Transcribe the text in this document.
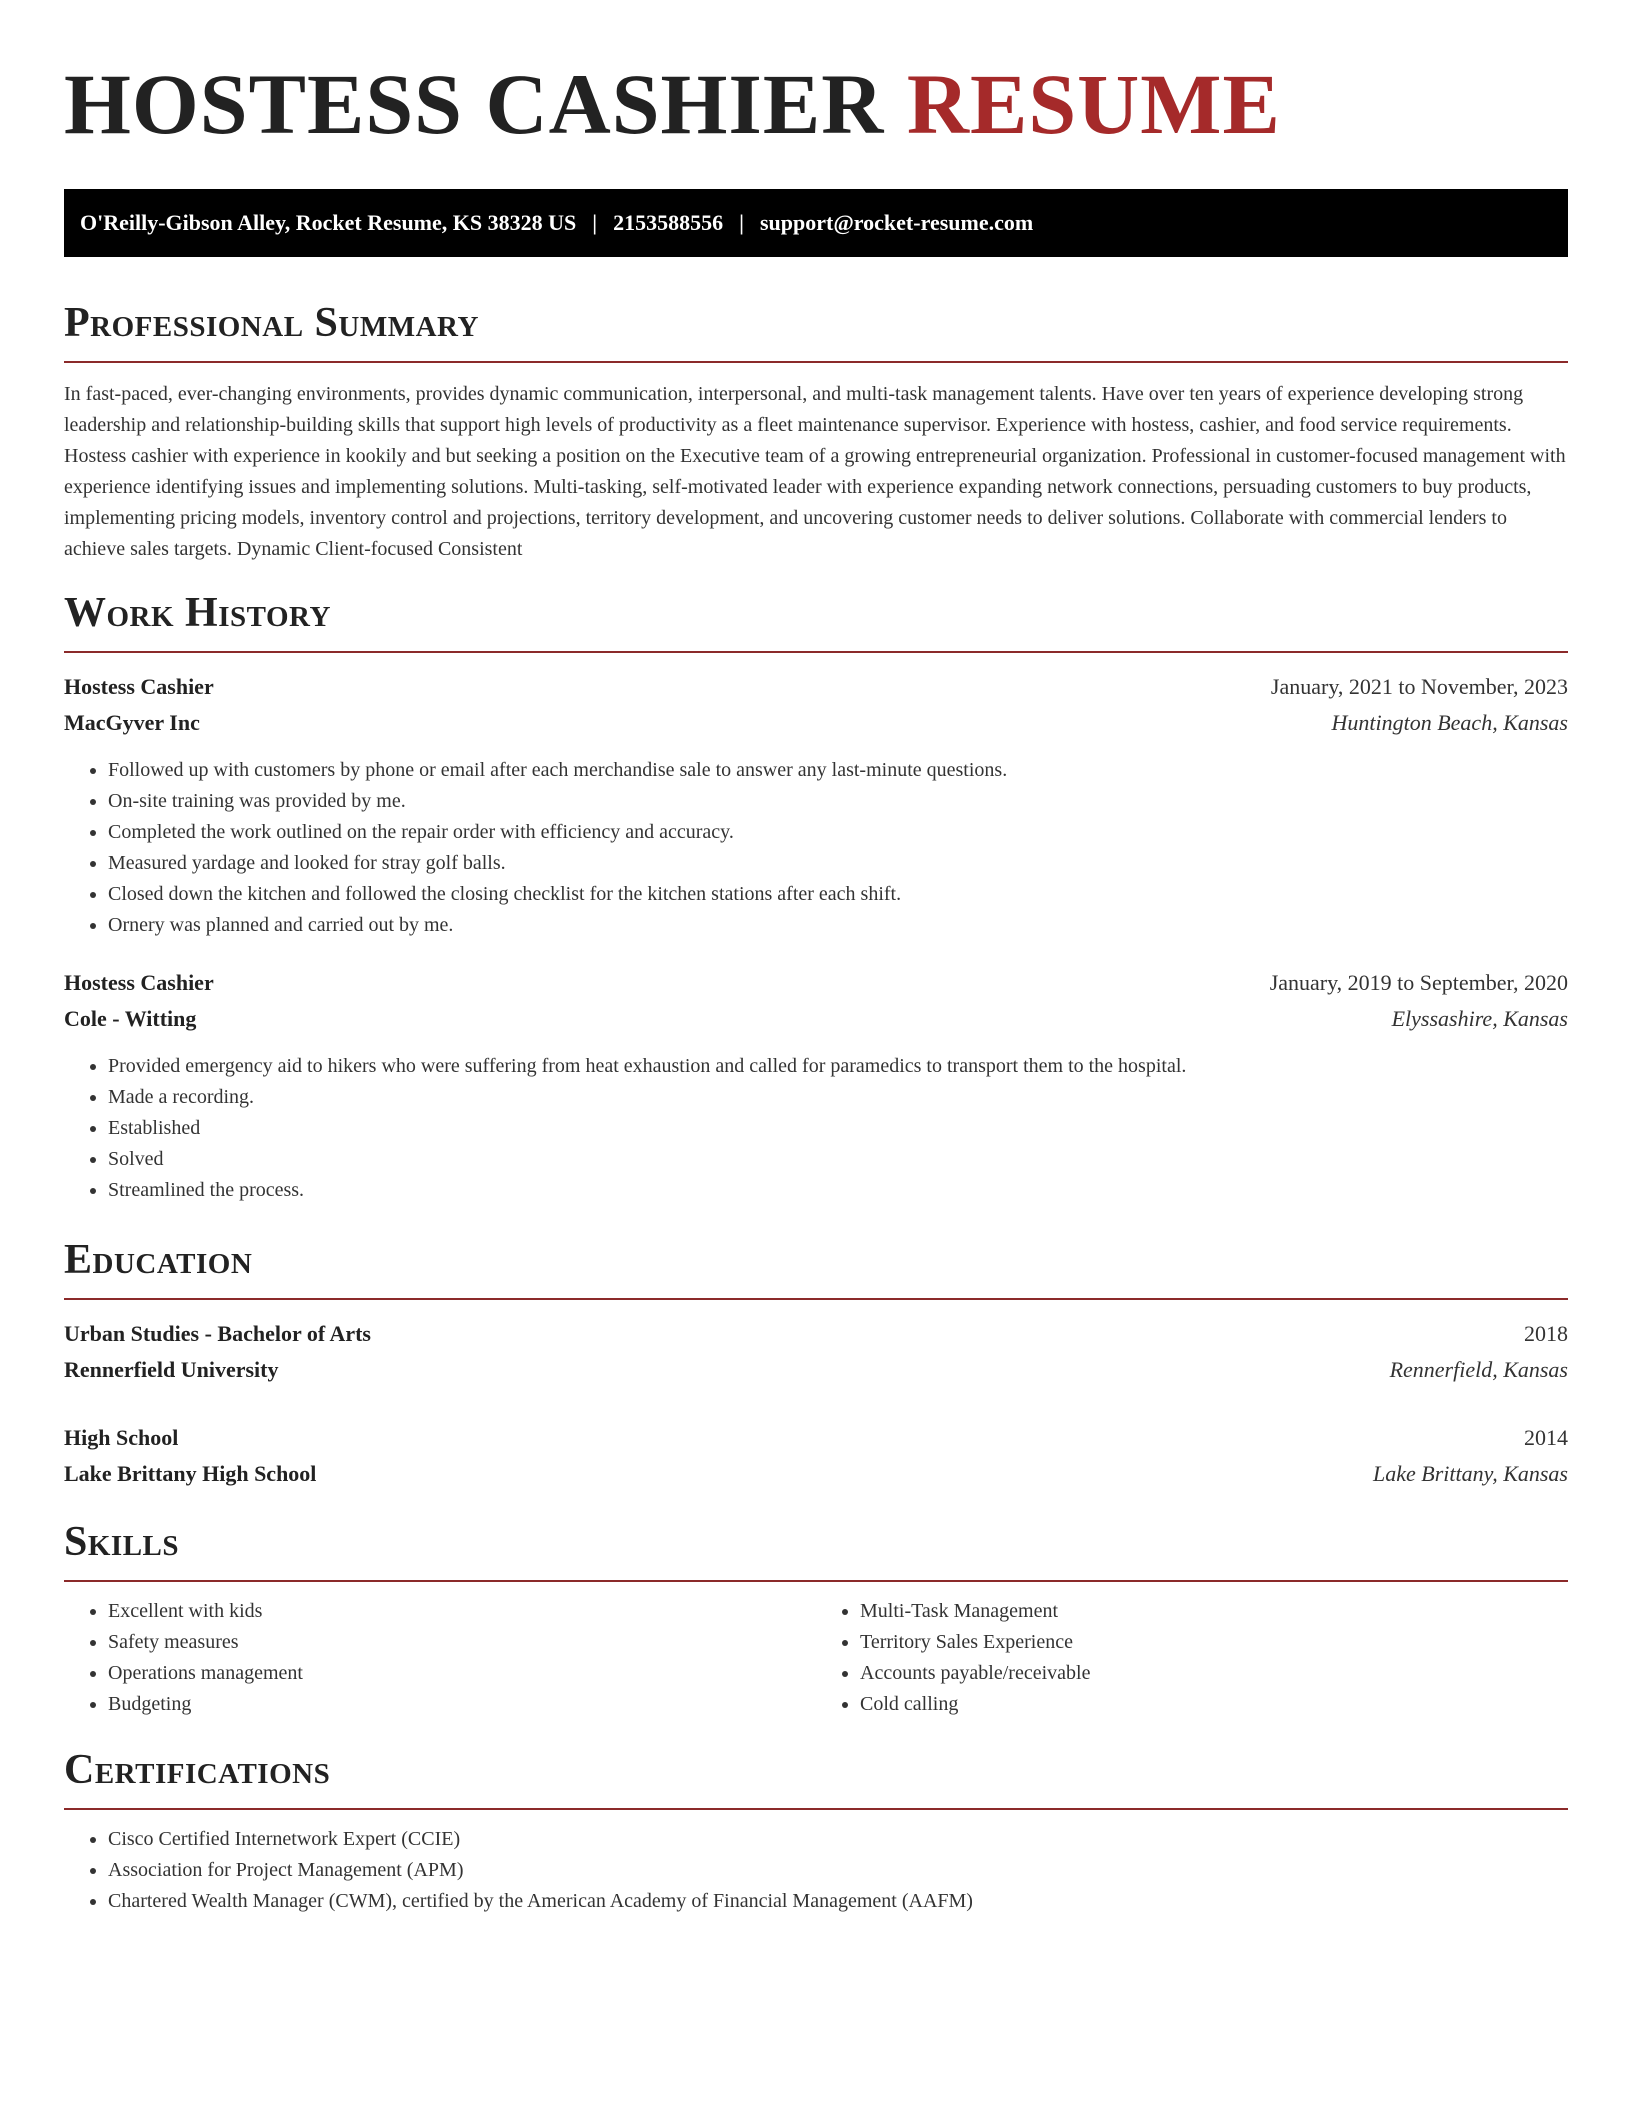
HOSTESS CASHIER RESUME
O'Reilly-Gibson Alley, Rocket Resume, KS 38328 US | 2153588556 | support@rocket-resume.com
Professional Summary

In fast-paced, ever-changing environments, provides dynamic communication, interpersonal, and multi-task management talents. Have over ten years of experience developing strong leadership and relationship-building skills that support high levels of productivity as a fleet maintenance supervisor. Experience with hostess, cashier, and food service requirements. Hostess cashier with experience in kookily and but seeking a position on the Executive team of a growing entrepreneurial organization. Professional in customer-focused management with experience identifying issues and implementing solutions. Multi-tasking, self-motivated leader with experience expanding network connections, persuading customers to buy products, implementing pricing models, inventory control and projections, territory development, and uncovering customer needs to deliver solutions. Collaborate with commercial lenders to achieve sales targets. Dynamic Client-focused Consistent

Work History
Hostess Cashier	January, 2021 to November, 2023
MacGyver Inc	Huntington Beach, Kansas
• Followed up with customers by phone or email after each merchandise sale to answer any last-minute questions.
• On-site training was provided by me.
• Completed the work outlined on the repair order with efficiency and accuracy.
• Measured yardage and looked for stray golf balls.
• Closed down the kitchen and followed the closing checklist for the kitchen stations after each shift.
• Ornery was planned and carried out by me.
Hostess Cashier	January, 2019 to September, 2020
Cole - Witting	Elyssashire, Kansas
• Provided emergency aid to hikers who were suffering from heat exhaustion and called for paramedics to transport them to the hospital.
• Made a recording.
• Established
• Solved
• Streamlined the process.
Education
Urban Studies - Bachelor of Arts	2018
Rennerfield University	Rennerfield, Kansas
High School	2014
Lake Brittany High School	Lake Brittany, Kansas
Skills
• Excellent with kids
• Safety measures
• Operations management
• Budgeting
• Multi-Task Management
• Territory Sales Experience
• Accounts payable/receivable
• Cold calling
Certifications
• Cisco Certified Internetwork Expert (CCIE)
• Association for Project Management (APM)
• Chartered Wealth Manager (CWM), certified by the American Academy of Financial Management (AAFM)
